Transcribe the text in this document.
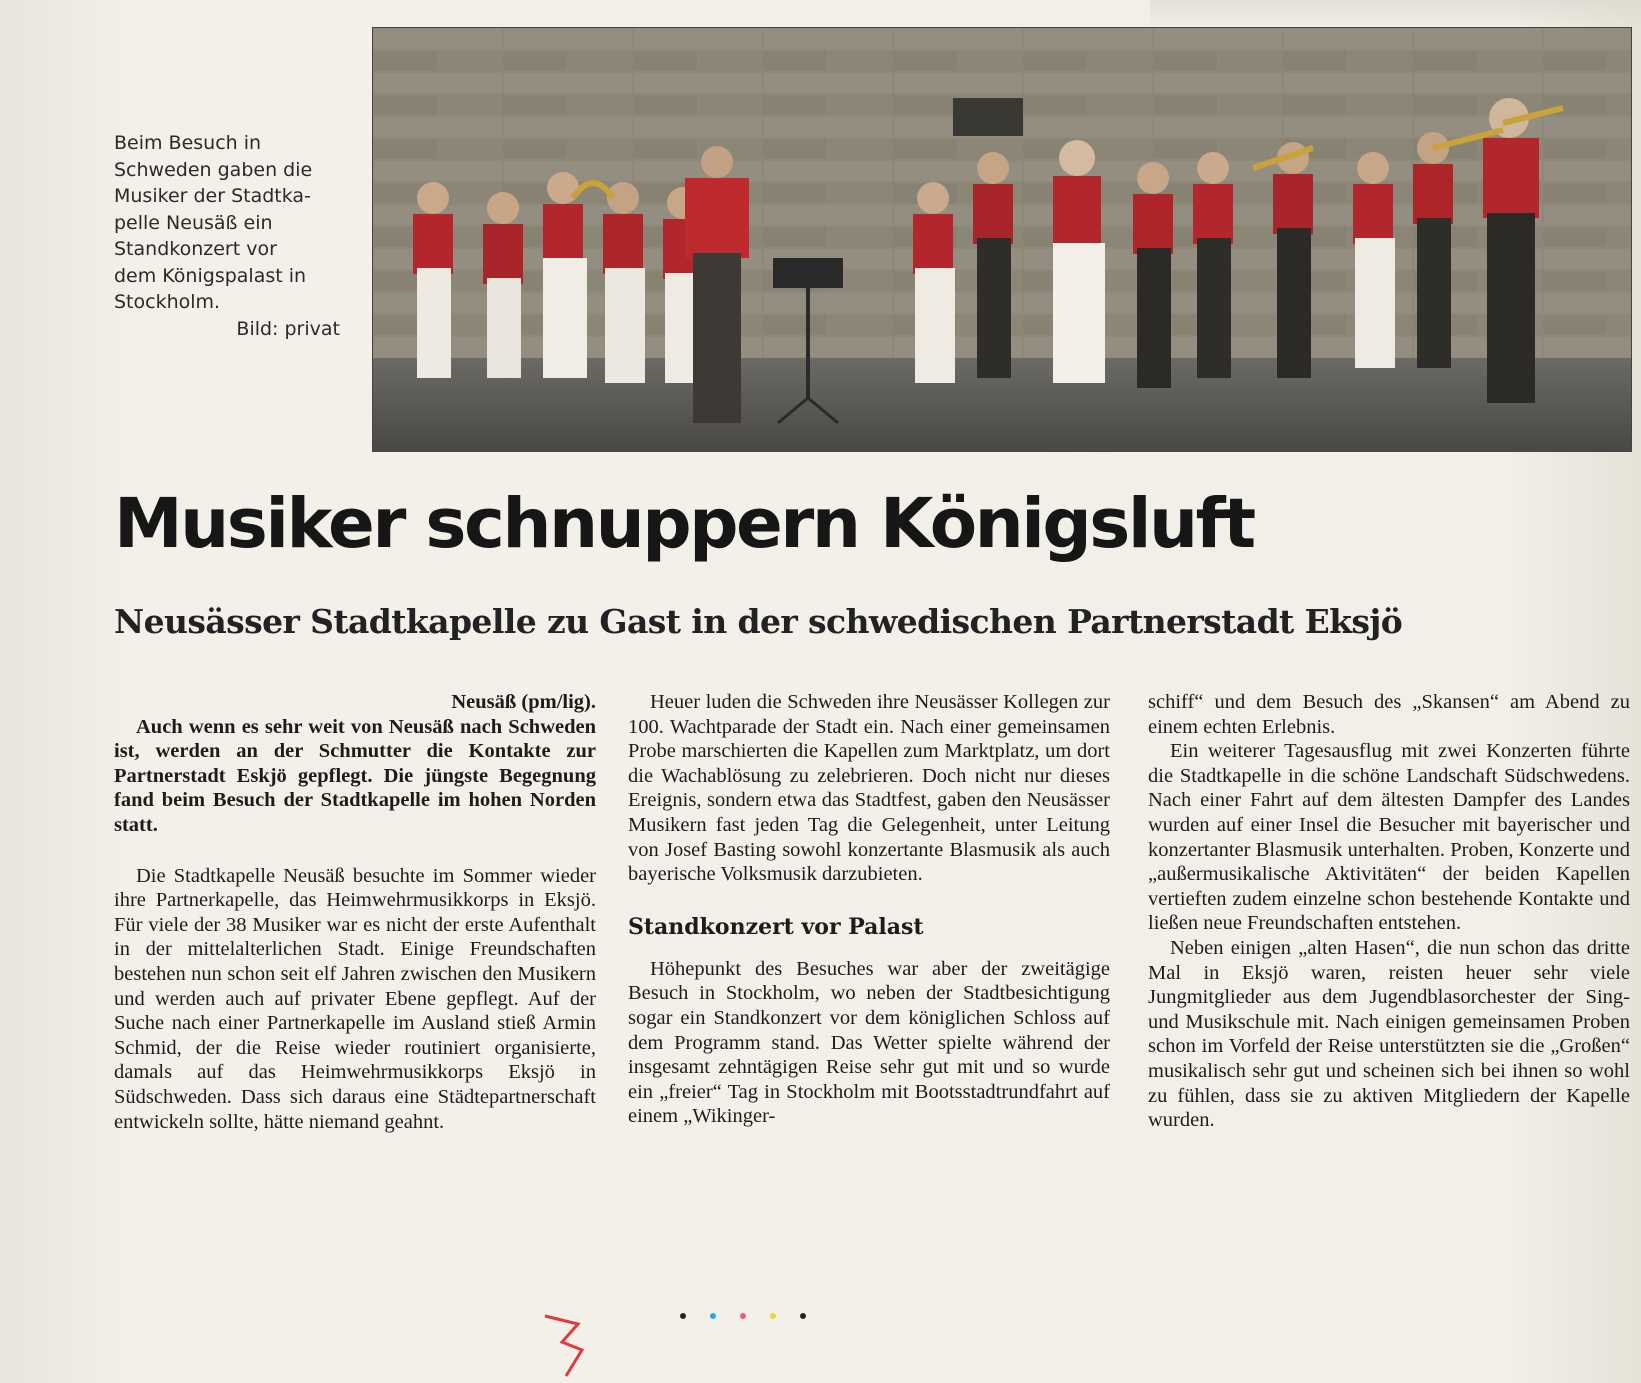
Beim Besuch in
Schweden gaben die
Musiker der Stadtka-
pelle Neusäß ein
Standkonzert vor
dem Königspalast in
Stockholm.
Bild: privat
Musiker schnuppern Königsluft
Neusässer Stadtkapelle zu Gast in der schwedischen Partnerstadt Eksjö
Neusäß (pm/lig).

Auch wenn es sehr weit von Neusäß nach Schweden ist, werden an der Schmutter die Kontakte zur Partnerstadt Eskjö gepflegt. Die jüngste Begegnung fand beim Besuch der Stadtkapelle im hohen Norden statt.

Die Stadtkapelle Neusäß besuchte im Sommer wieder ihre Partnerkapelle, das Heimwehrmusikkorps in Eksjö. Für viele der 38 Musiker war es nicht der erste Aufenthalt in der mittelalterlichen Stadt. Einige Freundschaften bestehen nun schon seit elf Jahren zwischen den Musikern und werden auch auf privater Ebene gepflegt. Auf der Suche nach einer Partnerkapelle im Ausland stieß Armin Schmid, der die Reise wieder routiniert organisierte, damals auf das Heimwehrmusikkorps Eksjö in Südschweden. Dass sich daraus eine Städtepartnerschaft entwickeln sollte, hätte niemand geahnt.

Heuer luden die Schweden ihre Neusässer Kollegen zur 100. Wachtparade der Stadt ein. Nach einer gemeinsamen Probe marschierten die Kapellen zum Marktplatz, um dort die Wachablösung zu zelebrieren. Doch nicht nur dieses Ereignis, sondern etwa das Stadtfest, gaben den Neusässer Musikern fast jeden Tag die Gelegenheit, unter Leitung von Josef Basting sowohl konzertante Blasmusik als auch bayerische Volksmusik darzubieten.

Standkonzert vor Palast

Höhepunkt des Besuches war aber der zweitägige Besuch in Stockholm, wo neben der Stadtbesichtigung sogar ein Standkonzert vor dem königlichen Schloss auf dem Programm stand. Das Wetter spielte während der insgesamt zehntägigen Reise sehr gut mit und so wurde ein „freier“ Tag in Stockholm mit Bootsstadtrundfahrt auf einem „Wikinger-

schiff“ und dem Besuch des „Skansen“ am Abend zu einem echten Erlebnis.

Ein weiterer Tagesausflug mit zwei Konzerten führte die Stadtkapelle in die schöne Landschaft Südschwedens. Nach einer Fahrt auf dem ältesten Dampfer des Landes wurden auf einer Insel die Besucher mit bayerischer und konzertanter Blasmusik unterhalten. Proben, Konzerte und „außermusikalische Aktivitäten“ der beiden Kapellen vertieften zudem einzelne schon bestehende Kontakte und ließen neue Freundschaften entstehen.

Neben einigen „alten Hasen“, die nun schon das dritte Mal in Eksjö waren, reisten heuer sehr viele Jungmitglieder aus dem Jugendblasorchester der Sing- und Musikschule mit. Nach einigen gemeinsamen Proben schon im Vorfeld der Reise unterstützten sie die „Großen“ musikalisch sehr gut und scheinen sich bei ihnen so wohl zu fühlen, dass sie zu aktiven Mitgliedern der Kapelle wurden.
